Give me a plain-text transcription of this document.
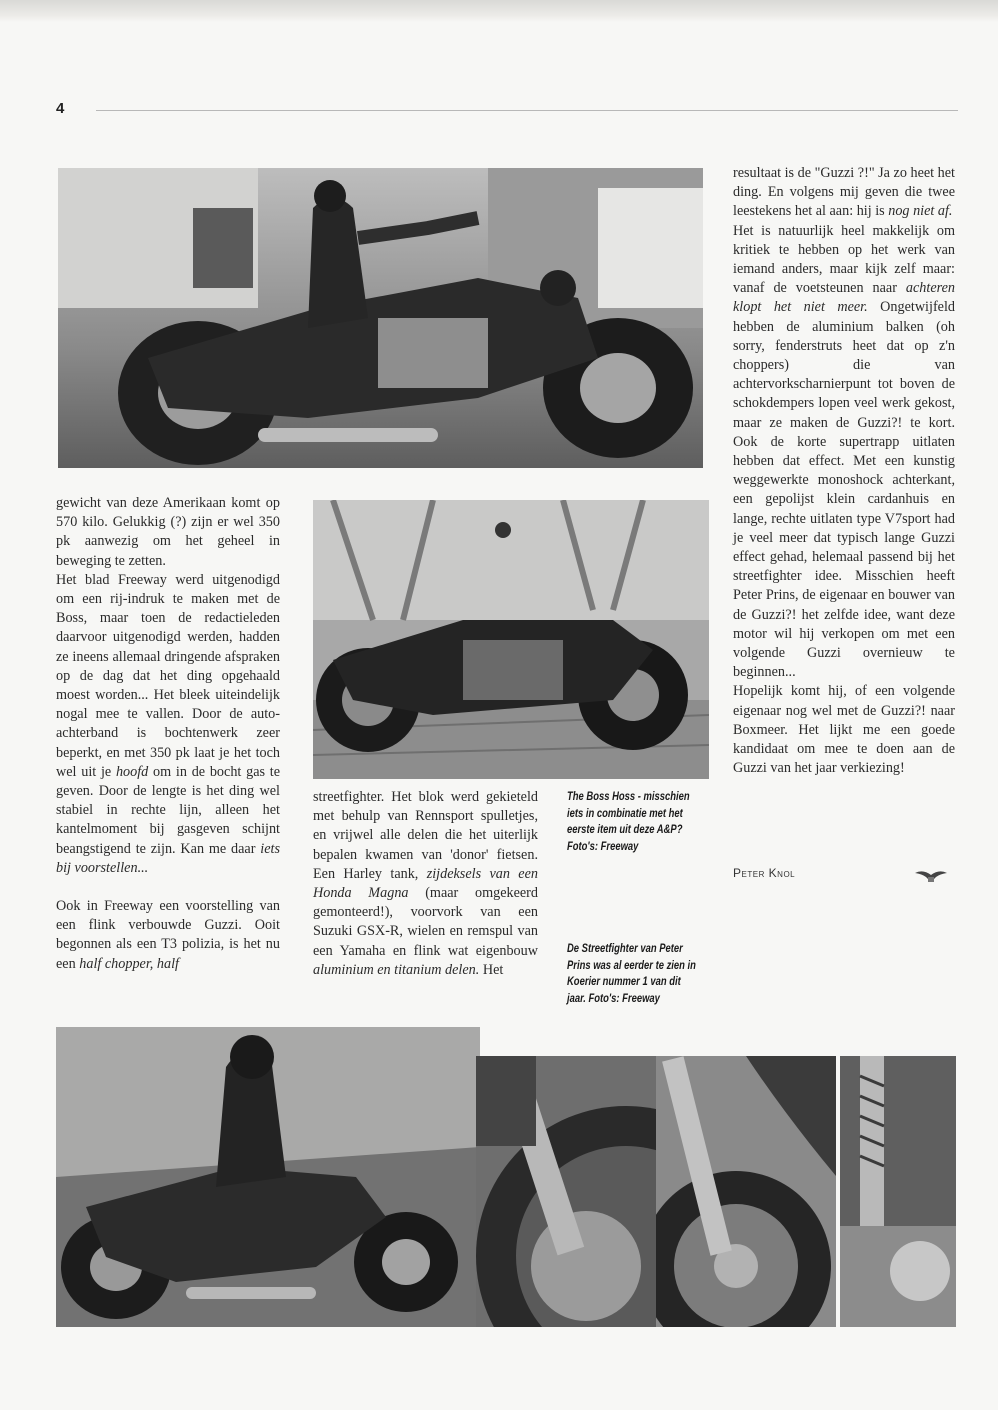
4

gewicht van deze Amerikaan komt op 570 kilo. Gelukkig (?) zijn er wel 350 pk aanwezig om het geheel in beweging te zetten.

Het blad Freeway werd uitgenodigd om een rij-indruk te maken met de Boss, maar toen de redactieleden daarvoor uitgenodigd werden, hadden ze ineens allemaal dringende afspraken op de dag dat het ding opgehaald moest worden... Het bleek uiteindelijk nogal mee te vallen. Door de auto-achterband is bochtenwerk zeer beperkt, en met 350 pk laat je het toch wel uit je hoofd om in de bocht gas te geven. Door de lengte is het ding wel stabiel in rechte lijn, alleen het kantelmoment bij gasgeven schijnt beangstigend te zijn. Kan me daar iets bij voorstellen...

Ook in Freeway een voorstelling van een flink verbouwde Guzzi. Ooit begonnen als een T3 polizia, is het nu een half chopper, half

streetfighter. Het blok werd gekieteld met behulp van Rennsport spulletjes, en vrijwel alle delen die het uiterlijk bepalen kwamen van 'donor' fietsen. Een Harley tank, zijdeksels van een Honda Magna (maar omgekeerd gemonteerd!), voorvork van een Suzuki GSX-R, wielen en remspul van een Yamaha en flink wat eigenbouw aluminium en titanium delen. Het

The Boss Hoss - misschien iets in combinatie met het eerste item uit deze A&P? Foto's: Freeway
De Streetfighter van Peter Prins was al eerder te zien in Koerier nummer 1 van dit jaar. Foto's: Freeway

resultaat is de "Guzzi ?!" Ja zo heet het ding. En volgens mij geven die twee leestekens het al aan: hij is nog niet af.

Het is natuurlijk heel makkelijk om kritiek te hebben op het werk van iemand anders, maar kijk zelf maar: vanaf de voetsteunen naar achteren klopt het niet meer. Ongetwijfeld hebben de aluminium balken (oh sorry, fenderstruts heet dat op z'n choppers) die van achtervorkscharnierpunt tot boven de schokdempers lopen veel werk gekost, maar ze maken de Guzzi?! te kort. Ook de korte supertrapp uitlaten hebben dat effect. Met een kunstig weggewerkte monoshock achterkant, een gepolijst klein cardanhuis en lange, rechte uitlaten type V7sport had je veel meer dat typisch lange Guzzi effect gehad, helemaal passend bij het streetfighter idee. Misschien heeft Peter Prins, de eigenaar en bouwer van de Guzzi?! het zelfde idee, want deze motor wil hij verkopen om met een volgende Guzzi overnieuw te beginnen...

Hopelijk komt hij, of een volgende eigenaar nog wel met de Guzzi?! naar Boxmeer. Het lijkt me een goede kandidaat om mee te doen aan de Guzzi van het jaar verkiezing!

Peter Knol
